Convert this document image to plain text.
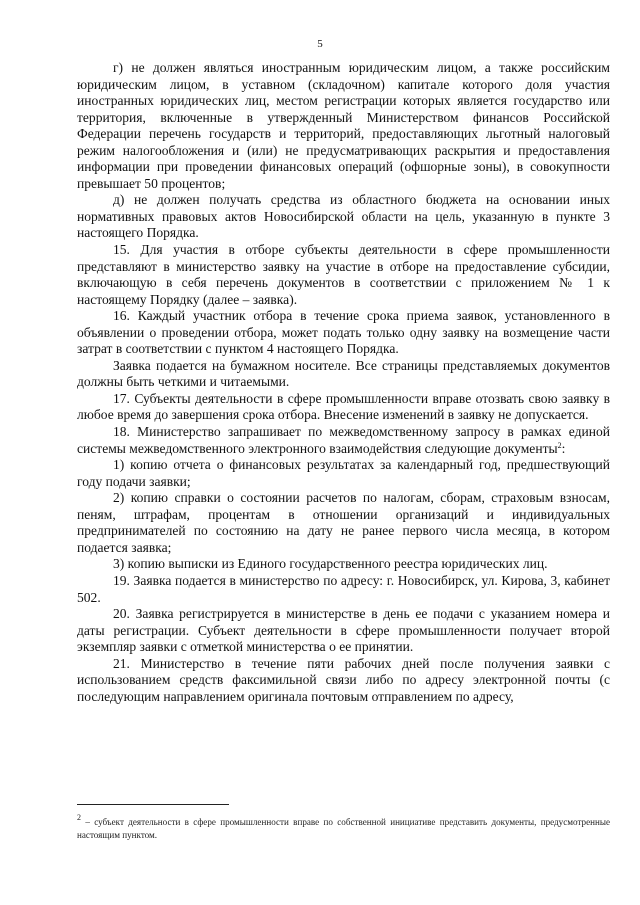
5

г) не должен являться иностранным юридическим лицом, а также российским юридическим лицом, в уставном (складочном) капитале которого доля участия иностранных юридических лиц, местом регистрации которых является государство или территория, включенные в утвержденный Министерством финансов Российской Федерации перечень государств и территорий, предоставляющих льготный налоговый режим налогообложения и (или) не предусматривающих раскрытия и предоставления информации при проведении финансовых операций (офшорные зоны), в совокупности превышает 50 процентов;

д) не должен получать средства из областного бюджета на основании иных нормативных правовых актов Новосибирской области на цель, указанную в пункте 3 настоящего Порядка.

15. Для участия в отборе субъекты деятельности в сфере промышленности представляют в министерство заявку на участие в отборе на предоставление субсидии, включающую в себя перечень документов в соответствии с приложением № 1 к настоящему Порядку (далее – заявка).

16. Каждый участник отбора в течение срока приема заявок, установленного в объявлении о проведении отбора, может подать только одну заявку на возмещение части затрат в соответствии с пунктом 4 настоящего Порядка.

Заявка подается на бумажном носителе. Все страницы представляемых документов должны быть четкими и читаемыми.

17. Субъекты деятельности в сфере промышленности вправе отозвать свою заявку в любое время до завершения срока отбора. Внесение изменений в заявку не допускается.

18. Министерство запрашивает по межведомственному запросу в рамках единой системы межведомственного электронного взаимодействия следующие документы$^2$:

1) копию отчета о финансовых результатах за календарный год, предшествующий году подачи заявки;

2) копию справки о состоянии расчетов по налогам, сборам, страховым взносам, пеням, штрафам, процентам в отношении организаций и индивидуальных предпринимателей по состоянию на дату не ранее первого числа месяца, в котором подается заявка;

3) копию выписки из Единого государственного реестра юридических лиц.

19. Заявка подается в министерство по адресу: г. Новосибирск, ул. Кирова, 3, кабинет 502.

20. Заявка регистрируется в министерстве в день ее подачи с указанием номера и даты регистрации. Субъект деятельности в сфере промышленности получает второй экземпляр заявки с отметкой министерства о ее принятии.

21. Министерство в течение пяти рабочих дней после получения заявки с использованием средств факсимильной связи либо по адресу электронной почты (с последующим направлением оригинала почтовым отправлением по адресу,

$^2$ – субъект деятельности в сфере промышленности вправе по собственной инициативе представить документы, предусмотренные настоящим пунктом.
